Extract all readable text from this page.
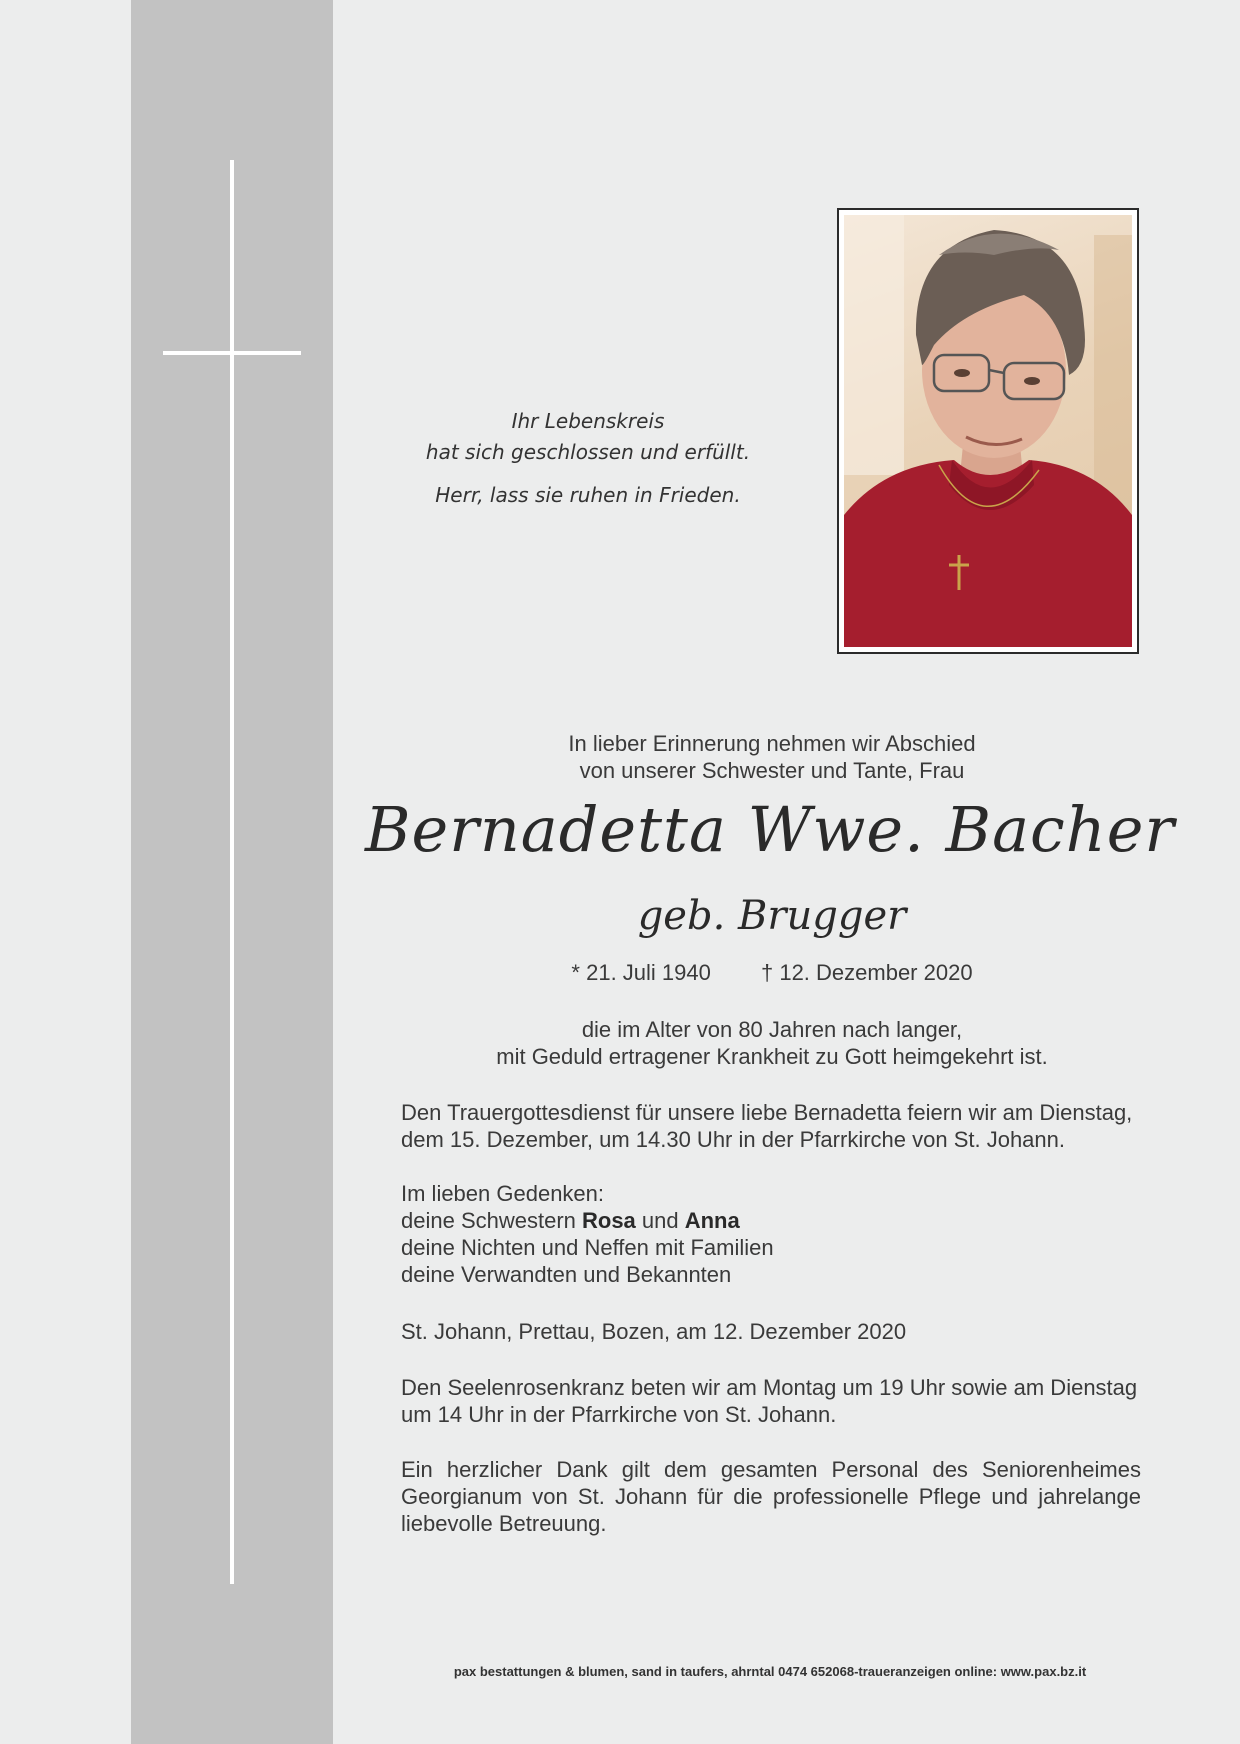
Ihr Lebenskreis
hat sich geschlossen und erfüllt.
Herr, lass sie ruhen in Frieden.
In lieber Erinnerung nehmen wir Abschied
von unserer Schwester und Tante, Frau
Bernadetta Wwe. Bacher
geb. Brugger
* 21. Juli 1940 † 12. Dezember 2020
die im Alter von 80 Jahren nach langer,
mit Geduld ertragener Krankheit zu Gott heimgekehrt ist.
Den Trauergottesdienst für unsere liebe Bernadetta feiern wir am Dienstag, dem 15. Dezember, um 14.30 Uhr in der Pfarrkirche von St. Johann.
Im lieben Gedenken:
deine Schwestern Rosa und Anna
deine Nichten und Neffen mit Familien
deine Verwandten und Bekannten
St. Johann, Prettau, Bozen, am 12. Dezember 2020
Den Seelenrosenkranz beten wir am Montag um 19 Uhr sowie am Dienstag um 14 Uhr in der Pfarrkirche von St. Johann.
Ein herzlicher Dank gilt dem gesamten Personal des Seniorenheimes Georgianum von St. Johann für die professionelle Pflege und jahrelange liebevolle Betreuung.
pax bestattungen & blumen, sand in taufers, ahrntal 0474 652068-traueranzeigen online: www.pax.bz.it
